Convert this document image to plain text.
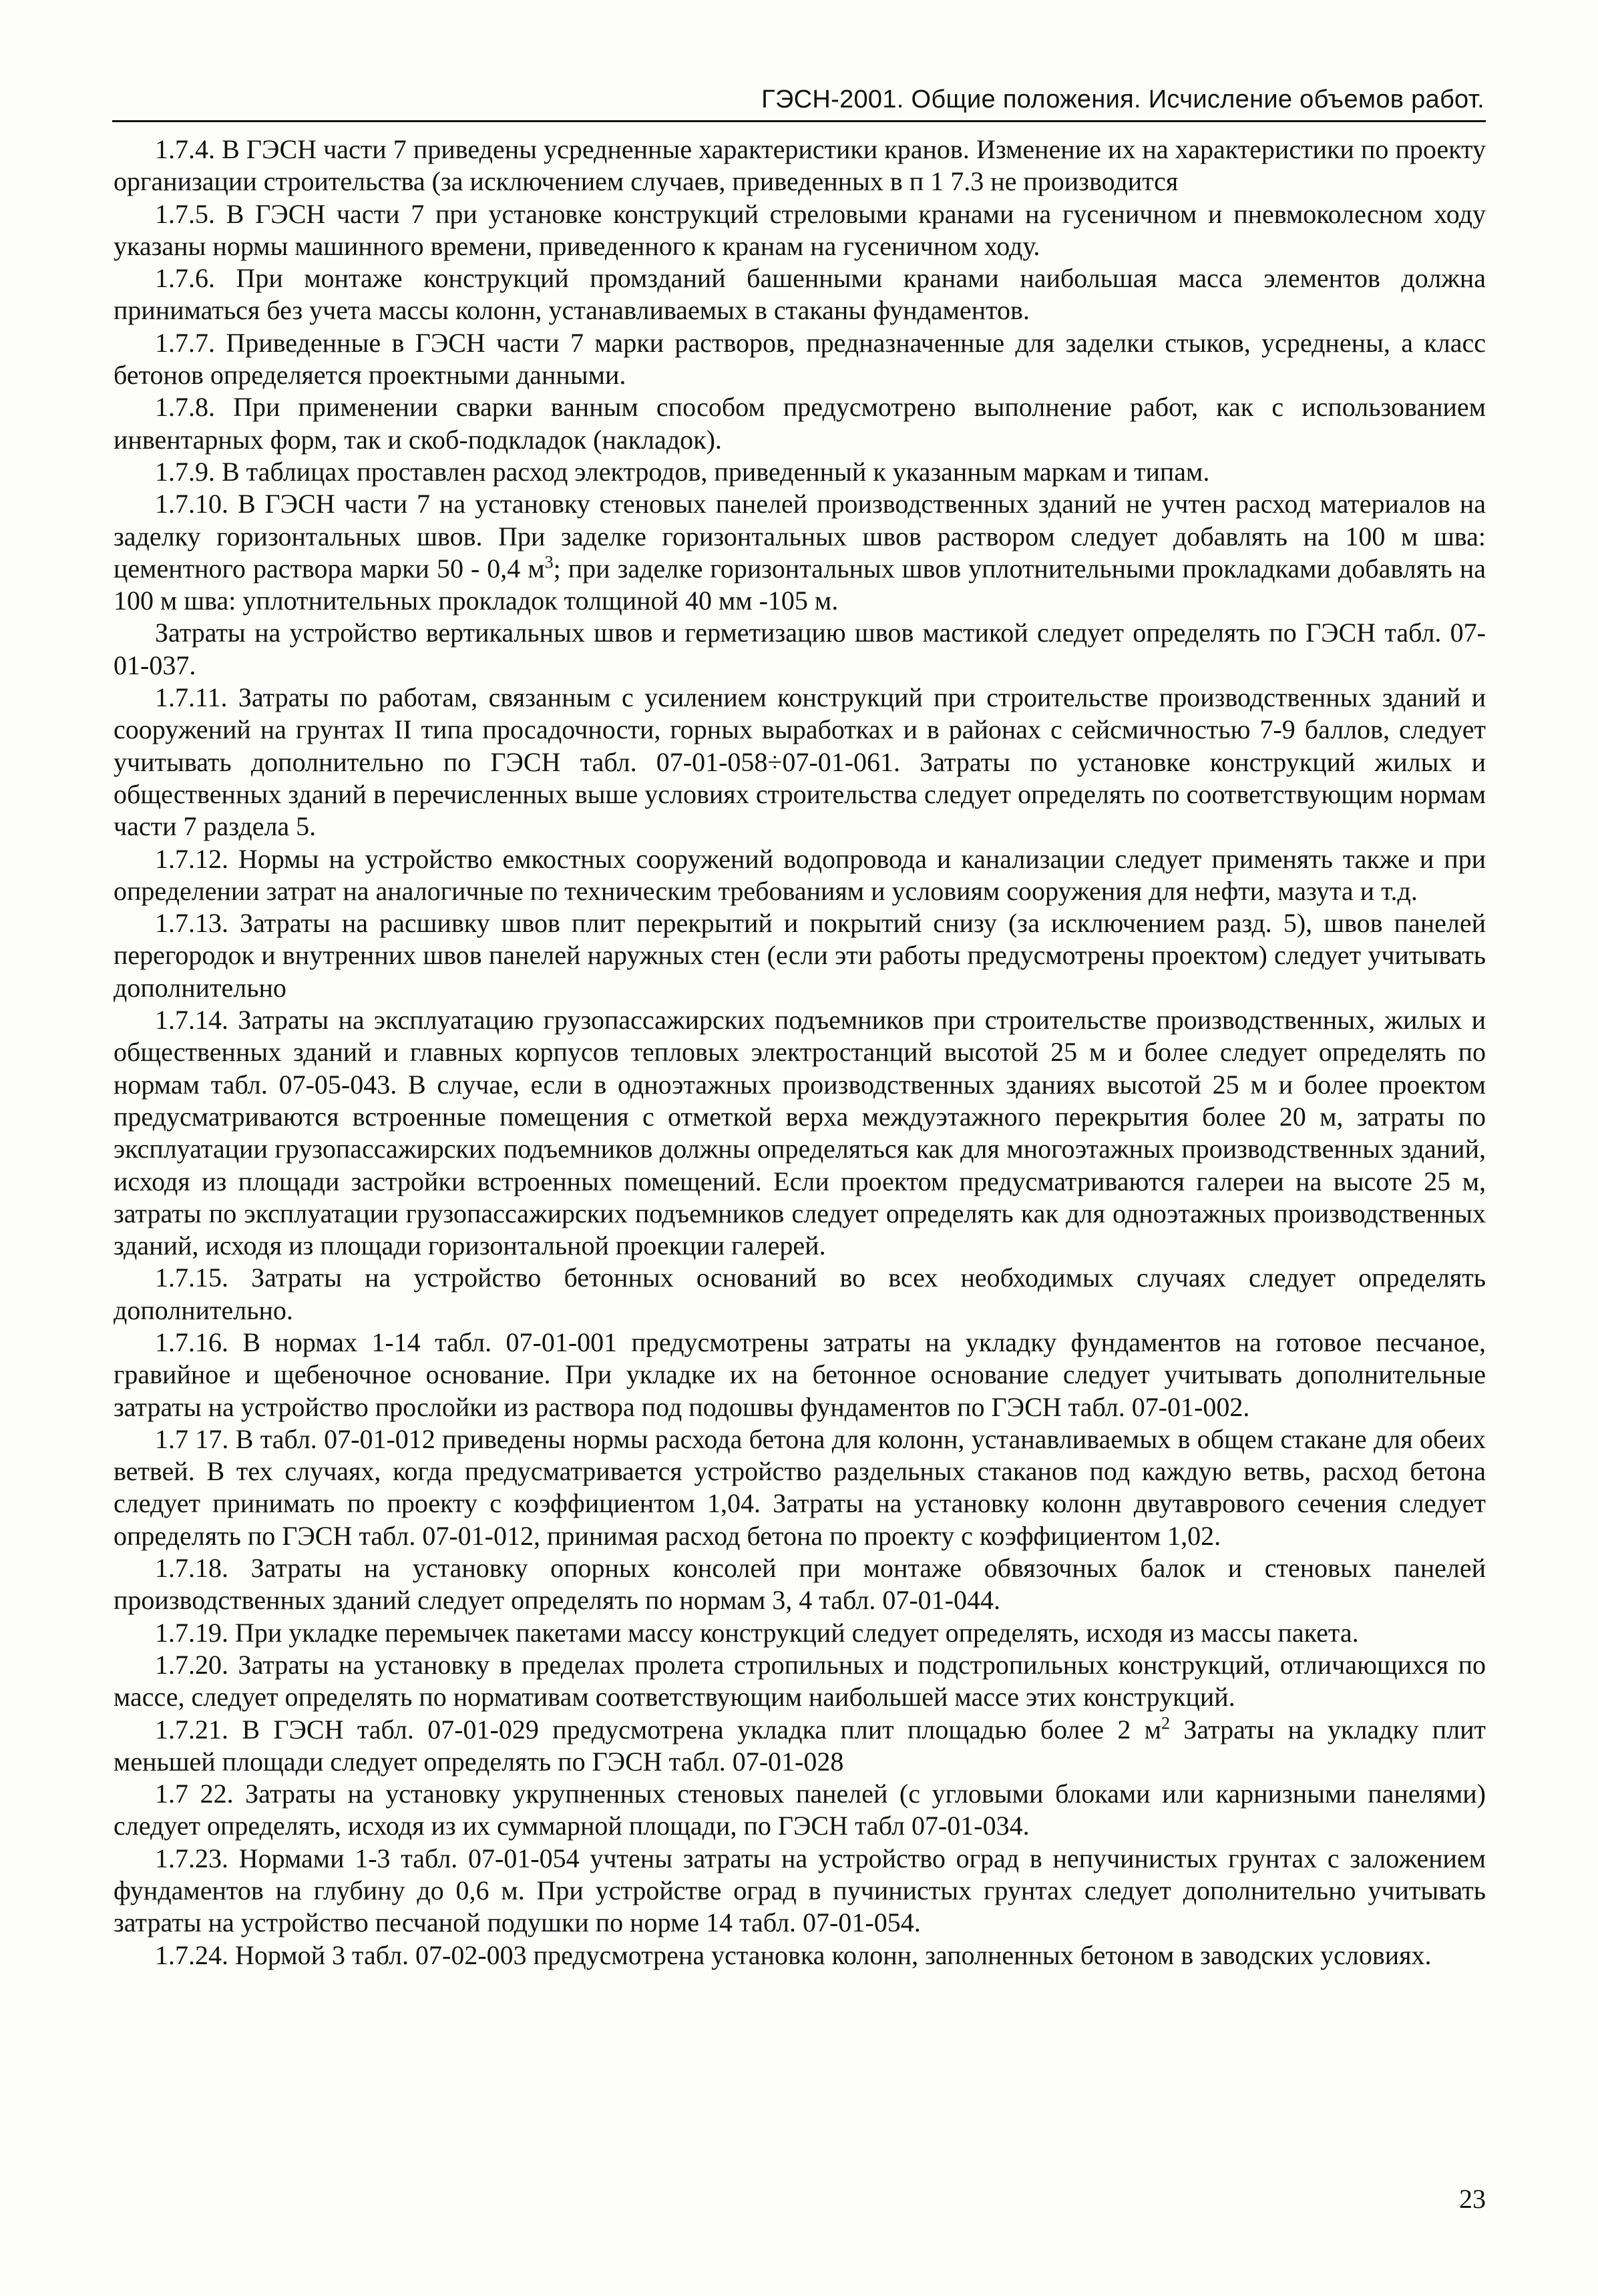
ГЭСН-2001. Общие положения. Исчисление объемов работ.

1.7.4. В ГЭСН части 7 приведены усредненные характеристики кранов. Изменение их на характеристики по проекту организации строительства (за исключением случаев, приведенных в п 1 7.3 не производится

1.7.5. В ГЭСН части 7 при установке конструкций стреловыми кранами на гусеничном и пневмоколесном ходу указаны нормы машинного времени, приведенного к кранам на гусеничном ходу.

1.7.6. При монтаже конструкций промзданий башенными кранами наибольшая масса элементов должна приниматься без учета массы колонн, устанавливаемых в стаканы фундаментов.

1.7.7. Приведенные в ГЭСН части 7 марки растворов, предназначенные для заделки стыков, усреднены, а класс бетонов определяется проектными данными.

1.7.8. При применении сварки ванным способом предусмотрено выполнение работ, как с использованием инвентарных форм, так и скоб-подкладок (накладок).

1.7.9. В таблицах проставлен расход электродов, приведенный к указанным маркам и типам.

1.7.10. В ГЭСН части 7 на установку стеновых панелей производственных зданий не учтен расход материалов на заделку горизонтальных швов. При заделке горизонтальных швов раствором следует добавлять на 100 м шва: цементного раствора марки 50 - 0,4 $м^3$; при заделке горизонтальных швов уплотнительными прокладками добавлять на 100 м шва: уплотнительных прокладок толщиной 40 мм -105 м.

Затраты на устройство вертикальных швов и герметизацию швов мастикой следует определять по ГЭСН табл. 07-01-037.

1.7.11. Затраты по работам, связанным с усилением конструкций при строительстве производственных зданий и сооружений на грунтах II типа просадочности, горных выработках и в районах с сейсмичностью 7-9 баллов, следует учитывать дополнительно по ГЭСН табл. 07-01-058÷07-01-061. Затраты по установке конструкций жилых и общественных зданий в перечисленных выше условиях строительства следует определять по соответствующим нормам части 7 раздела 5.

1.7.12. Нормы на устройство емкостных сооружений водопровода и канализации следует применять также и при определении затрат на аналогичные по техническим требованиям и условиям сооружения для нефти, мазута и т.д.

1.7.13. Затраты на расшивку швов плит перекрытий и покрытий снизу (за исключением разд. 5), швов панелей перегородок и внутренних швов панелей наружных стен (если эти работы предусмотрены проектом) следует учитывать дополнительно

1.7.14. Затраты на эксплуатацию грузопассажирских подъемников при строительстве производственных, жилых и общественных зданий и главных корпусов тепловых электростанций высотой 25 м и более следует определять по нормам табл. 07-05-043. В случае, если в одноэтажных производственных зданиях высотой 25 м и более проектом предусматриваются встроенные помещения с отметкой верха междуэтажного перекрытия более 20 м, затраты по эксплуатации грузопассажирских подъемников должны определяться как для многоэтажных производственных зданий, исходя из площади застройки встроенных помещений. Если проектом предусматриваются галереи на высоте 25 м, затраты по эксплуатации грузопассажирских подъемников следует определять как для одноэтажных производственных зданий, исходя из площади горизонтальной проекции галерей.

1.7.15. Затраты на устройство бетонных оснований во всех необходимых случаях следует определять дополнительно.

1.7.16. В нормах 1-14 табл. 07-01-001 предусмотрены затраты на укладку фундаментов на готовое песчаное, гравийное и щебеночное основание. При укладке их на бетонное основание следует учитывать дополнительные затраты на устройство прослойки из раствора под подошвы фундаментов по ГЭСН табл. 07-01-002.

1.7 17. В табл. 07-01-012 приведены нормы расхода бетона для колонн, устанавливаемых в общем стакане для обеих ветвей. В тех случаях, когда предусматривается устройство раздельных стаканов под каждую ветвь, расход бетона следует принимать по проекту с коэффициентом 1,04. Затраты на установку колонн двутаврового сечения следует определять по ГЭСН табл. 07-01-012, принимая расход бетона по проекту с коэффициентом 1,02.

1.7.18. Затраты на установку опорных консолей при монтаже обвязочных балок и стеновых панелей производственных зданий следует определять по нормам 3, 4 табл. 07-01-044.

1.7.19. При укладке перемычек пакетами массу конструкций следует определять, исходя из массы пакета.

1.7.20. Затраты на установку в пределах пролета стропильных и подстропильных конструкций, отличающихся по массе, следует определять по нормативам соответствующим наибольшей массе этих конструкций.

1.7.21. В ГЭСН табл. 07-01-029 предусмотрена укладка плит площадью более 2 $м^2$ Затраты на укладку плит меньшей площади следует определять по ГЭСН табл. 07-01-028

1.7 22. Затраты на установку укрупненных стеновых панелей (с угловыми блоками или карнизными панелями) следует определять, исходя из их суммарной площади, по ГЭСН табл 07-01-034.

1.7.23. Нормами 1-3 табл. 07-01-054 учтены затраты на устройство оград в непучинистых грунтах с заложением фундаментов на глубину до 0,6 м. При устройстве оград в пучинистых грунтах следует дополнительно учитывать затраты на устройство песчаной подушки по норме 14 табл. 07-01-054.

1.7.24. Нормой 3 табл. 07-02-003 предусмотрена установка колонн, заполненных бетоном в заводских условиях.

23
